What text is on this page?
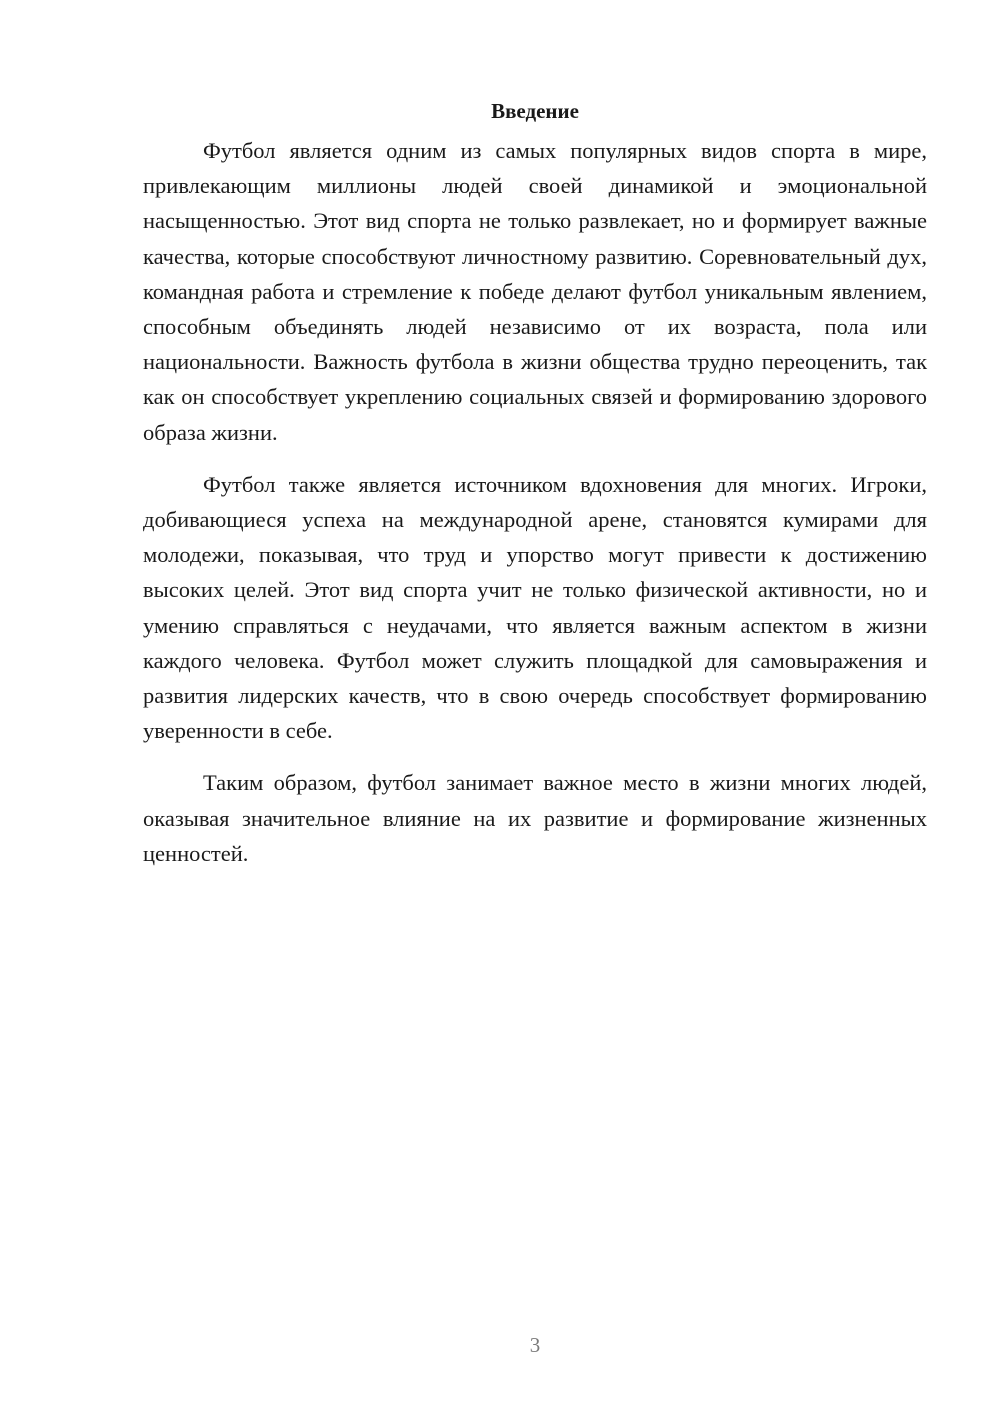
Введение

Футбол является одним из самых популярных видов спорта в мире, привлекающим миллионы людей своей динамикой и эмоциональной насыщенностью. Этот вид спорта не только развлекает, но и формирует важные качества, которые способствуют личностному развитию. Соревновательный дух, командная работа и стремление к победе делают футбол уникальным явлением, способным объединять людей независимо от их возраста, пола или национальности. Важность футбола в жизни общества трудно переоценить, так как он способствует укреплению социальных связей и формированию здорового образа жизни.

Футбол также является источником вдохновения для многих. Игроки, добивающиеся успеха на международной арене, становятся кумирами для молодежи, показывая, что труд и упорство могут привести к достижению высоких целей. Этот вид спорта учит не только физической активности, но и умению справляться с неудачами, что является важным аспектом в жизни каждого человека. Футбол может служить площадкой для самовыражения и развития лидерских качеств, что в свою очередь способствует формированию уверенности в себе.

Таким образом, футбол занимает важное место в жизни многих людей, оказывая значительное влияние на их развитие и формирование жизненных ценностей.

3
